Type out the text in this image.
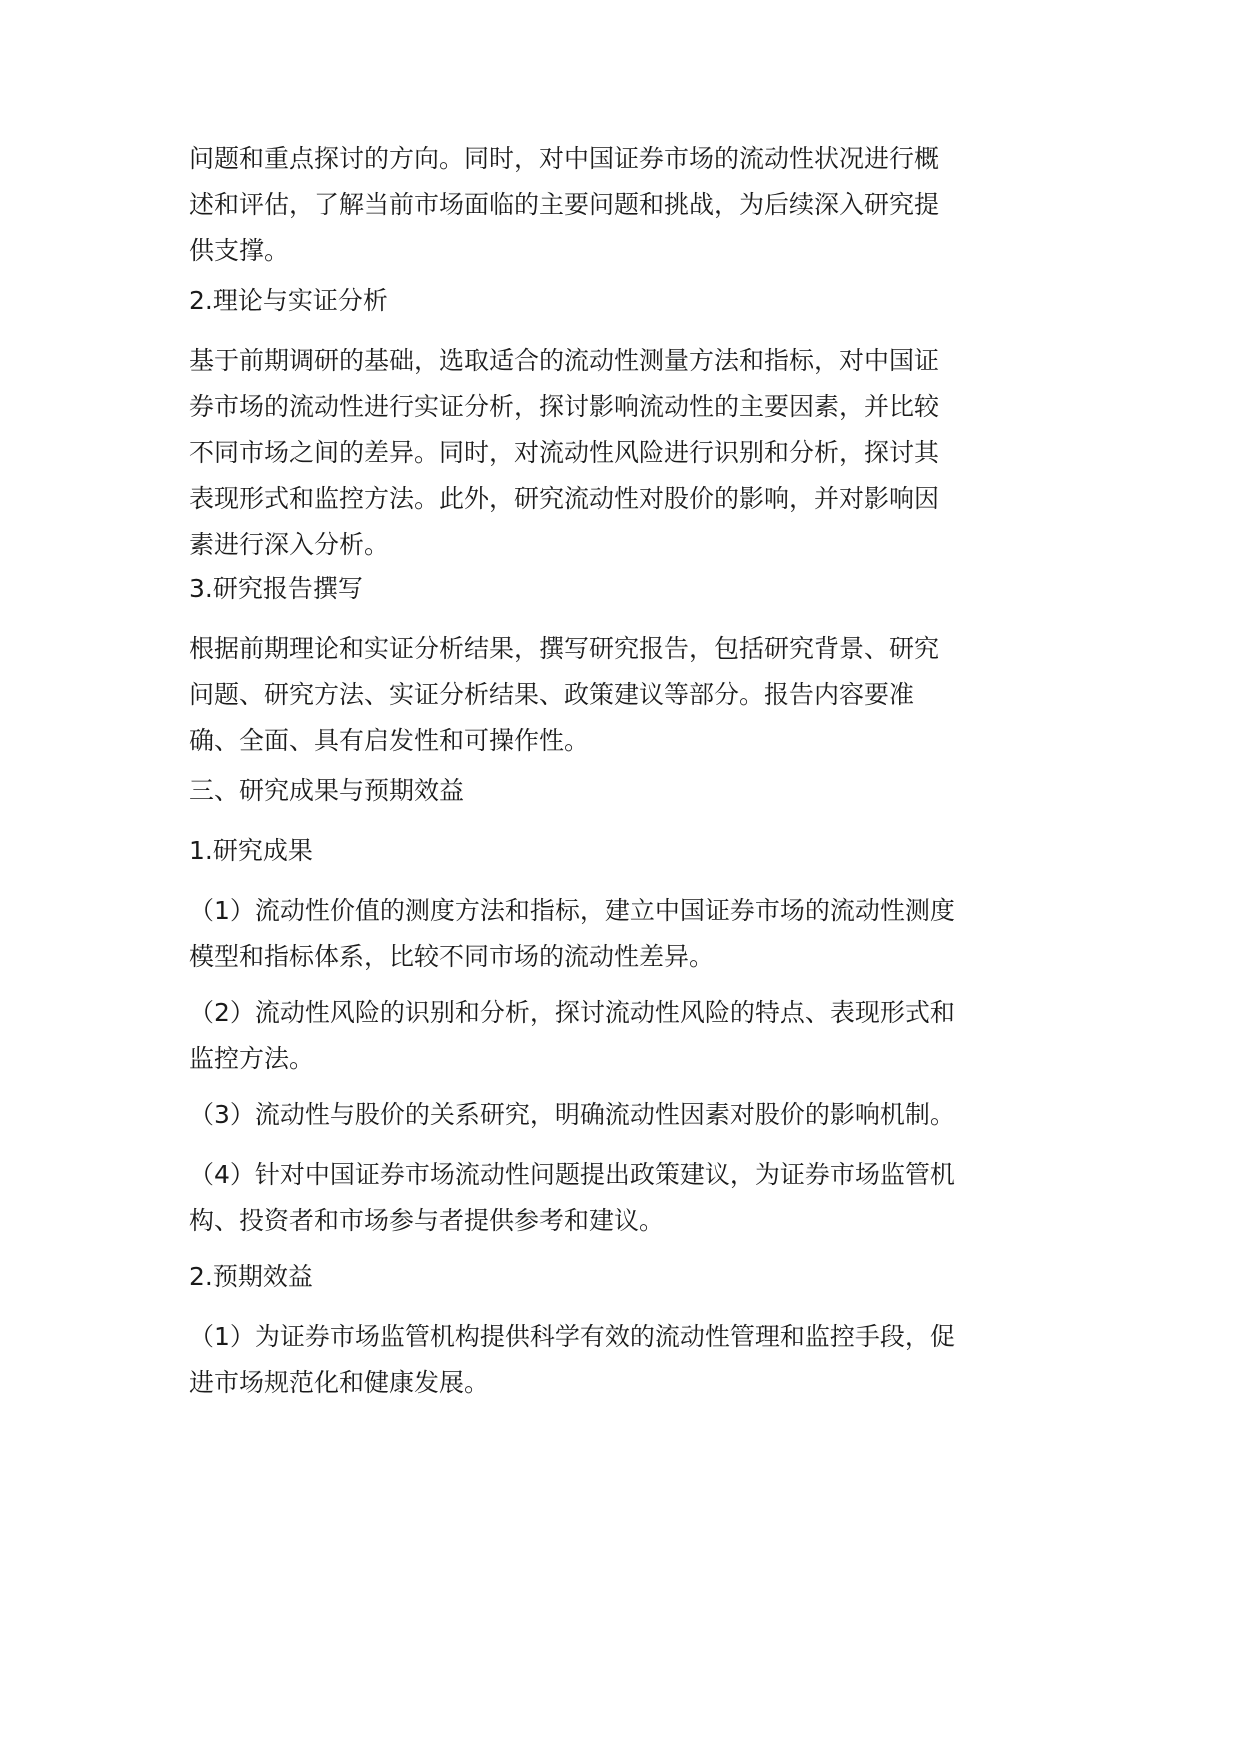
问题和重点探讨的方向。同时，对中国证券市场的流动性状况进行概述和评估，了解当前市场面临的主要问题和挑战，为后续深入研究提供支撑。

2.理论与实证分析

基于前期调研的基础，选取适合的流动性测量方法和指标，对中国证券市场的流动性进行实证分析，探讨影响流动性的主要因素，并比较不同市场之间的差异。同时，对流动性风险进行识别和分析，探讨其表现形式和监控方法。此外，研究流动性对股价的影响，并对影响因素进行深入分析。

3.研究报告撰写

根据前期理论和实证分析结果，撰写研究报告，包括研究背景、研究问题、研究方法、实证分析结果、政策建议等部分。报告内容要准确、全面、具有启发性和可操作性。

三、研究成果与预期效益

1.研究成果

（1）流动性价值的测度方法和指标，建立中国证券市场的流动性测度模型和指标体系，比较不同市场的流动性差异。

（2）流动性风险的识别和分析，探讨流动性风险的特点、表现形式和监控方法。

（3）流动性与股价的关系研究，明确流动性因素对股价的影响机制。

（4）针对中国证券市场流动性问题提出政策建议，为证券市场监管机构、投资者和市场参与者提供参考和建议。

2.预期效益

（1）为证券市场监管机构提供科学有效的流动性管理和监控手段，促进市场规范化和健康发展。
